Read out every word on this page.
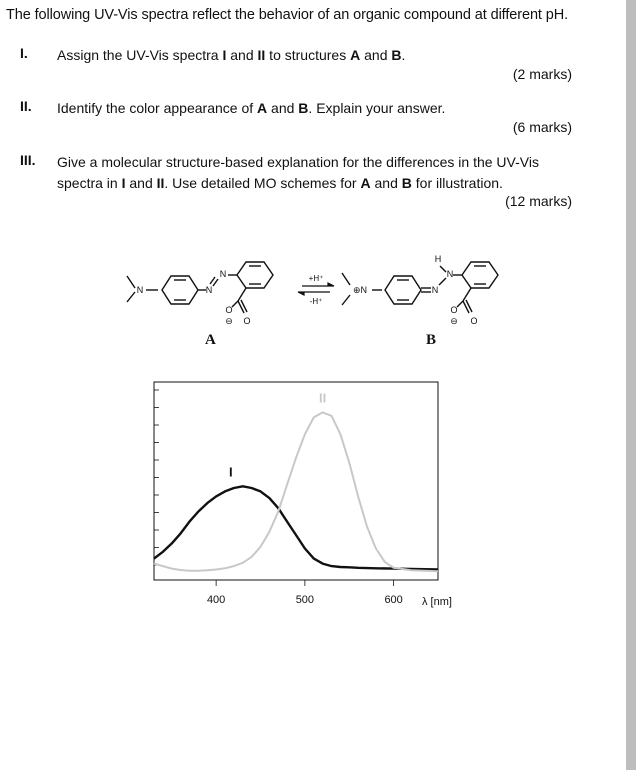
The following UV-Vis spectra reflect the behavior of an organic compound at different pH.
I. Assign the UV-Vis spectra I and II to structures A and B.
(2 marks)
II. Identify the color appearance of A and B. Explain your answer.
(6 marks)
III. Give a molecular structure-based explanation for the differences in the UV-Vis spectra in I and II. Use detailed MO schemes for A and B for illustration.
(12 marks)
N	N
N
O
⊖ O
+H⁺
-H⁺
⊕N	N
N
H
O
⊖ O
A	B
400	500	600
I
II
λ [nm]
